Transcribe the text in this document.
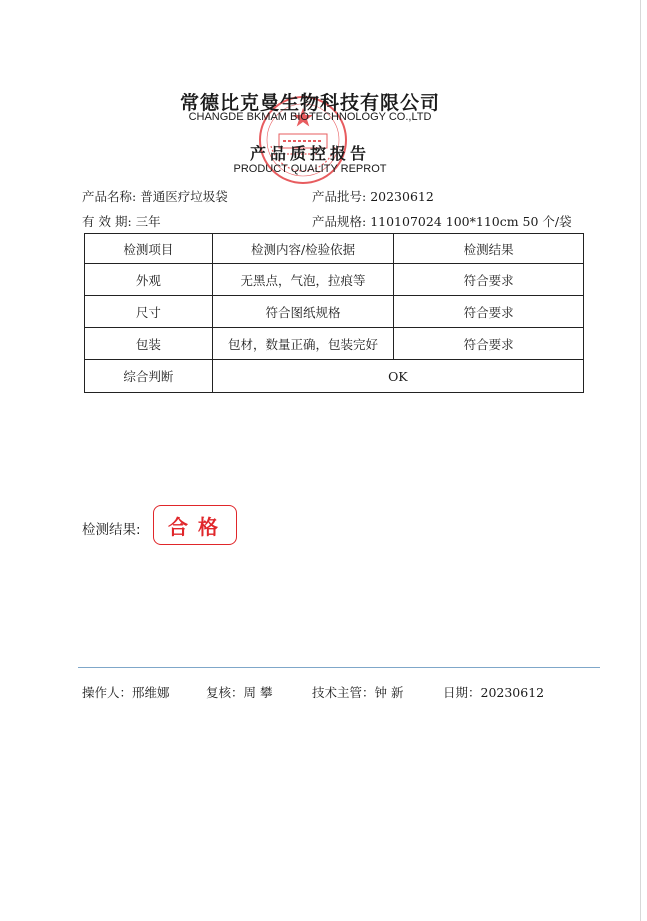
常德比克曼生物科技有限公司
CHANGDE BKMAM BIOTECHNOLOGY CO.,LTD
产品质控报告
PRODUCT QUALITY REPROT
产品名称: 普通医疗垃圾袋	产品批号: 20230612
有 效 期: 三年	产品规格: 110107024 100*110cm 50 个/袋
检测项目	检测内容/检验依据	检测结果
外观	无黑点，气泡，拉痕等	符合要求
尺寸	符合图纸规格	符合要求
包装	包材，数量正确，包装完好	符合要求
综合判断	OK	
检测结果:	合格
操作人：邢维娜	复核：周 攀	技术主管：钟 新	日期：20230612
